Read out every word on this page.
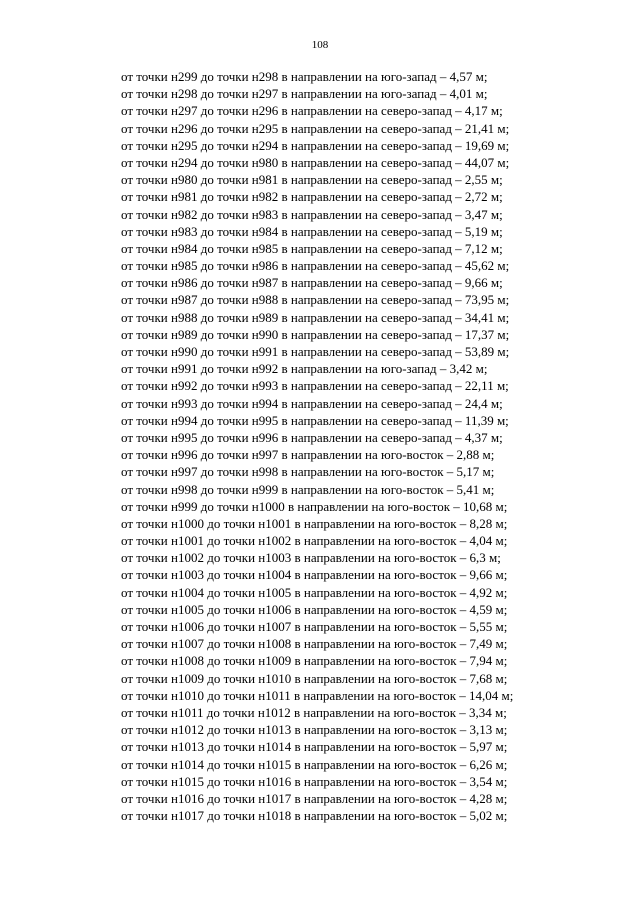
108
от точки н299 до точки н298 в направлении на юго-запад – 4,57 м;
от точки н298 до точки н297 в направлении на юго-запад – 4,01 м;
от точки н297 до точки н296 в направлении на северо-запад – 4,17 м;
от точки н296 до точки н295 в направлении на северо-запад – 21,41 м;
от точки н295 до точки н294 в направлении на северо-запад – 19,69 м;
от точки н294 до точки н980 в направлении на северо-запад – 44,07 м;
от точки н980 до точки н981 в направлении на северо-запад – 2,55 м;
от точки н981 до точки н982 в направлении на северо-запад – 2,72 м;
от точки н982 до точки н983 в направлении на северо-запад – 3,47 м;
от точки н983 до точки н984 в направлении на северо-запад – 5,19 м;
от точки н984 до точки н985 в направлении на северо-запад – 7,12 м;
от точки н985 до точки н986 в направлении на северо-запад – 45,62 м;
от точки н986 до точки н987 в направлении на северо-запад – 9,66 м;
от точки н987 до точки н988 в направлении на северо-запад – 73,95 м;
от точки н988 до точки н989 в направлении на северо-запад – 34,41 м;
от точки н989 до точки н990 в направлении на северо-запад – 17,37 м;
от точки н990 до точки н991 в направлении на северо-запад – 53,89 м;
от точки н991 до точки н992 в направлении на юго-запад – 3,42 м;
от точки н992 до точки н993 в направлении на северо-запад – 22,11 м;
от точки н993 до точки н994 в направлении на северо-запад – 24,4 м;
от точки н994 до точки н995 в направлении на северо-запад – 11,39 м;
от точки н995 до точки н996 в направлении на северо-запад – 4,37 м;
от точки н996 до точки н997 в направлении на юго-восток – 2,88 м;
от точки н997 до точки н998 в направлении на юго-восток – 5,17 м;
от точки н998 до точки н999 в направлении на юго-восток – 5,41 м;
от точки н999 до точки н1000 в направлении на юго-восток – 10,68 м;
от точки н1000 до точки н1001 в направлении на юго-восток – 8,28 м;
от точки н1001 до точки н1002 в направлении на юго-восток – 4,04 м;
от точки н1002 до точки н1003 в направлении на юго-восток – 6,3 м;
от точки н1003 до точки н1004 в направлении на юго-восток – 9,66 м;
от точки н1004 до точки н1005 в направлении на юго-восток – 4,92 м;
от точки н1005 до точки н1006 в направлении на юго-восток – 4,59 м;
от точки н1006 до точки н1007 в направлении на юго-восток – 5,55 м;
от точки н1007 до точки н1008 в направлении на юго-восток – 7,49 м;
от точки н1008 до точки н1009 в направлении на юго-восток – 7,94 м;
от точки н1009 до точки н1010 в направлении на юго-восток – 7,68 м;
от точки н1010 до точки н1011 в направлении на юго-восток – 14,04 м;
от точки н1011 до точки н1012 в направлении на юго-восток – 3,34 м;
от точки н1012 до точки н1013 в направлении на юго-восток – 3,13 м;
от точки н1013 до точки н1014 в направлении на юго-восток – 5,97 м;
от точки н1014 до точки н1015 в направлении на юго-восток – 6,26 м;
от точки н1015 до точки н1016 в направлении на юго-восток – 3,54 м;
от точки н1016 до точки н1017 в направлении на юго-восток – 4,28 м;
от точки н1017 до точки н1018 в направлении на юго-восток – 5,02 м;
